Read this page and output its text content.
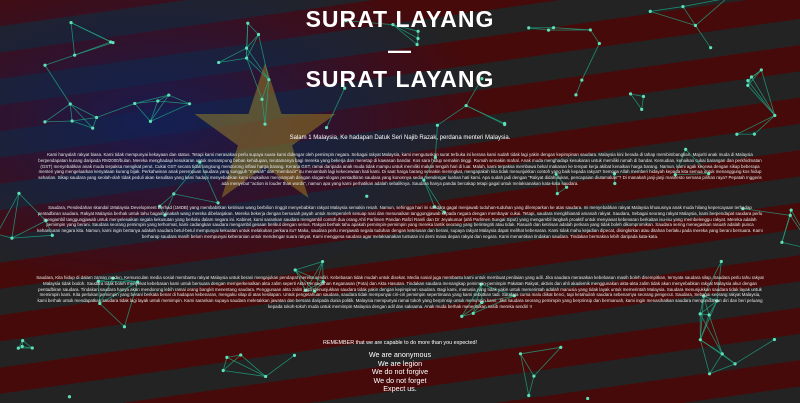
SURAT LAYANG
—
SURAT LAYANG
Salam 1 Malaysia, Ke hadapan Datuk Seri Najib Razak, perdana menteri Malaysia.

Kami hanyalah rakyat biasa. Kami tidak mempunyai kekayaan dan status. Tetapi kami merasakan perlu supaya suara kami didengar oleh pemimpin negara. Sebagai rakyat Malaysia, kami mengutuskan surat terbuka ini kerana kami sudah tidak lagi yakin dengan kepimpinan saudara. Malaysia kini berada di tahap membimbangkan. Majoriti anak muda di Malaysia berpendapatan kurang daripada RM2000/bulan. Mereka menghadapi kesukaran untuk menampung beban kehidupan, terutamanya bagi mereka yang bekerja dan menetap di kawasan bandar. Kos sara hidup semakin tinggi. Rumah semakin mahal. Anak muda menghadapi kesukaran untuk memiliki rumah di bandar. Kemudian, kenaikan cukai barangan dan perkhidmatan (GST) menyebabkan anak muda terpaksa mengikat perut. Cukai GST secara tidak langsung mendorong inflasi harga barang. Kerana GST, ramai daripada anak muda tidak mampu untuk memiliki makan tengah hari di luar. Malah, kami terpaksa membawa bekal makanan ke tempat kerja akibat kenaikan harga barang. Namun, kami agak kecewa dengan sikap beberapa menteri yang mengeluarkan kenyataan kurang bijak. Perkahwinan anak perempuan saudara yang sungguh "mewah" dan "membazir" itu menambah lagi kekecewaan hati kami. Di saat harga barang semakin meningkat, mengapakah kita tidak menunjukkan contoh yang baik kepada rakyat? Semoga Allah memberi hidayah kepada kita semua untuk menanggung kos hidup seharian. Sikap saudara yang seolah-olah tidak peduli akan kesulitan yang kami hadapi menyebabkan kami ungkaikan menyampah dengan slogan-slogan pentadbiran saudara yang kononnya sedia mendengar luahan hati kami. Apa sudah jadi dengan "Rakyat didahulukan, pencapaian diutamakan"? Di manakah janji-janji manifesto semasa pilihan raya? Pepatah Inggeris ada menyebut "action is louder than words", namun apa yang kami perhatikan adalah sebaliknya. Saudara hanya pandai bercakap tetapi gagal untuk melaksanakan kata-kata saudara.

Saudara, Pendedahan skandal 1Malaysia Development Berhad (1MDB) yang membabitkan ketirisan wang berbilion ringgit menyebabkan rakyat Malaysia semakin resah. Namun, sehingga hari ini saudara gagal menjawab tuduhan-tuduhan yang dilemparkan ke atas saudara. Ini menyebabkan rakyat Malaysia khususnya anak muda hilang kepercayaan terhadap pentadbiran saudara. Rakyat Malaysia berhak untuk tahu bagaimanakah wang mereka dibelanjakan. Mereka bekerja dengan bersusah payah untuk memperoleh sesuap nasi dan menunaikan tanggungjawab kepada negara dengan membayar cukai. Tetapi, saudara mengkhianati amanah rakyat. Saudara, Sebagai seorang rakyat Malaysia, kami berpendapat saudara perlu mengambil tanggungjawab untuk menyelesaikan segala kekusutan yang berlaku dalam negara ini. Kabinet, kami sarankan saudara mengambil contoh dua orang Ahli Parlimen Pandan Rafizi Ramli dan Dr Jeyakumar (ahli Parlimen Sungai Siput) yang mengambil langkah proaktif untuk menyiasat kebenaran berkaitan isu-isu yang membelenggu rakyat. Mereka adalah pemimpin yang berani. Saudara seorang pemimpin yang terhormat, kami cadangkan saudara mengambil gesaan berikut dengan serius. Rakyat berhak tahu apakah pemimpin-pemimpin yang mereka lantik seorang yang berintegriti atau tidak. Rasuah dan ketirisan adalah perkara yang tidak boleh dikompromikan. Saudara sering menegaskan rasuah adalah punca kehancuran negara kita. Namun, kami ingin bertanya adakah saudara betul-betul mempunyai kekuatan untuk melakukan perkara itu? Maka, saudara perlu menjawab segala tuduhan dengan ketelusan dan berani, supaya rakyat Malaysia dapat melihat kebenaran. Kami tidak mahu kejadian dipecat, disingkirkan atau ditahan berlaku pada mereka yang berani bersuara. Kami berharap saudara masih belum mempunyai keberanian untuk mendengar suara rakyat. Kami menggesa saudara agar melaksanakan tuntutan ini demi masa depan rakyat dan negara. Kami menantikan tindakan saudara. Tindakan bermakna lebih daripada kata-kata.

Saudara, Kita hidup di dalam zaman moden. Kemunculan media sosial membantu rakyat Malaysia untuk berani mengajukan pendapat mereka sendiri. Kebebasan tidak mudah untuk disekat. Media sosial juga membantu kami untuk membuat penilaian yang adil. Jika saudara merasakan kebebasan masih boleh disempitkan, ternyata saudara silap. Saudara perlu tahu rakyat Malaysia tidak bodoh. Saudara tidak boleh menyekat kebebasan kami untuk bersuara dengan memperkenalkan akta zalim seperti Akta Pencegahan Keganasan (Pota) dan Akta Hasutan. Tindakan saudara menangkap pemimpin-pemimpin Pakatan Rakyat, aktivis dan ahli akademik menggunakan akta-akta zalim tidak akan menyebabkan rakyat Malaysia akur dengan pentadbiran saudara. Tindakan saudara hanya akan mendorong lebih ramai orang bangkit menentang saudara. Penggunaan akta zalim juga menunjukkan saudara tidak yakin dengan kepimpinan saudara. Bagi kami, manusia yang tidak yakin untuk memerintah adalah manusia yang tidak layak untuk memerintah Malaysia. Saudara menunjukkan saudara tidak layak untuk memimpin kami. Kita perlukan pemimpin yang berani berkata benar di hadapan kebenaran, mengaku silap di atas kesilapan. Untuk pengetahuan saudara, saudara tidak mempunyai ciri-ciri pemimpin sepertimana yang kami sebutkan tadi. Saudara cuma malu diikat benci, tapi ketahuilah saudara sebenarnya seorang pengecut. Saudara, Sebagai seorang rakyat Malaysia, kami berhak untuk mendapatkan saudara tidak lagi layak untuk memimpin. Kami sarankan supaya saudara meletakkan jawatan dan bersara daripada dunia politik. Malaysia mempunyai ramai tokoh yang berprinsip untuk memimpin kami. Jika saudara seorang pemimpin yang berprinsip dan bermaruah, kami ingin menasihatkan saudara mengundurkan diri dan beri peluang kepada tokoh-tokoh muda untuk memimpin Malaysia dengan adil dan saksama. Anak muda berhak menentukan nasib mereka sendiri !!

REMEMBER that we are capable to do more than you expected!
We are anonymous
We are legion
We do not forgive
We do not forget
Expect us.
